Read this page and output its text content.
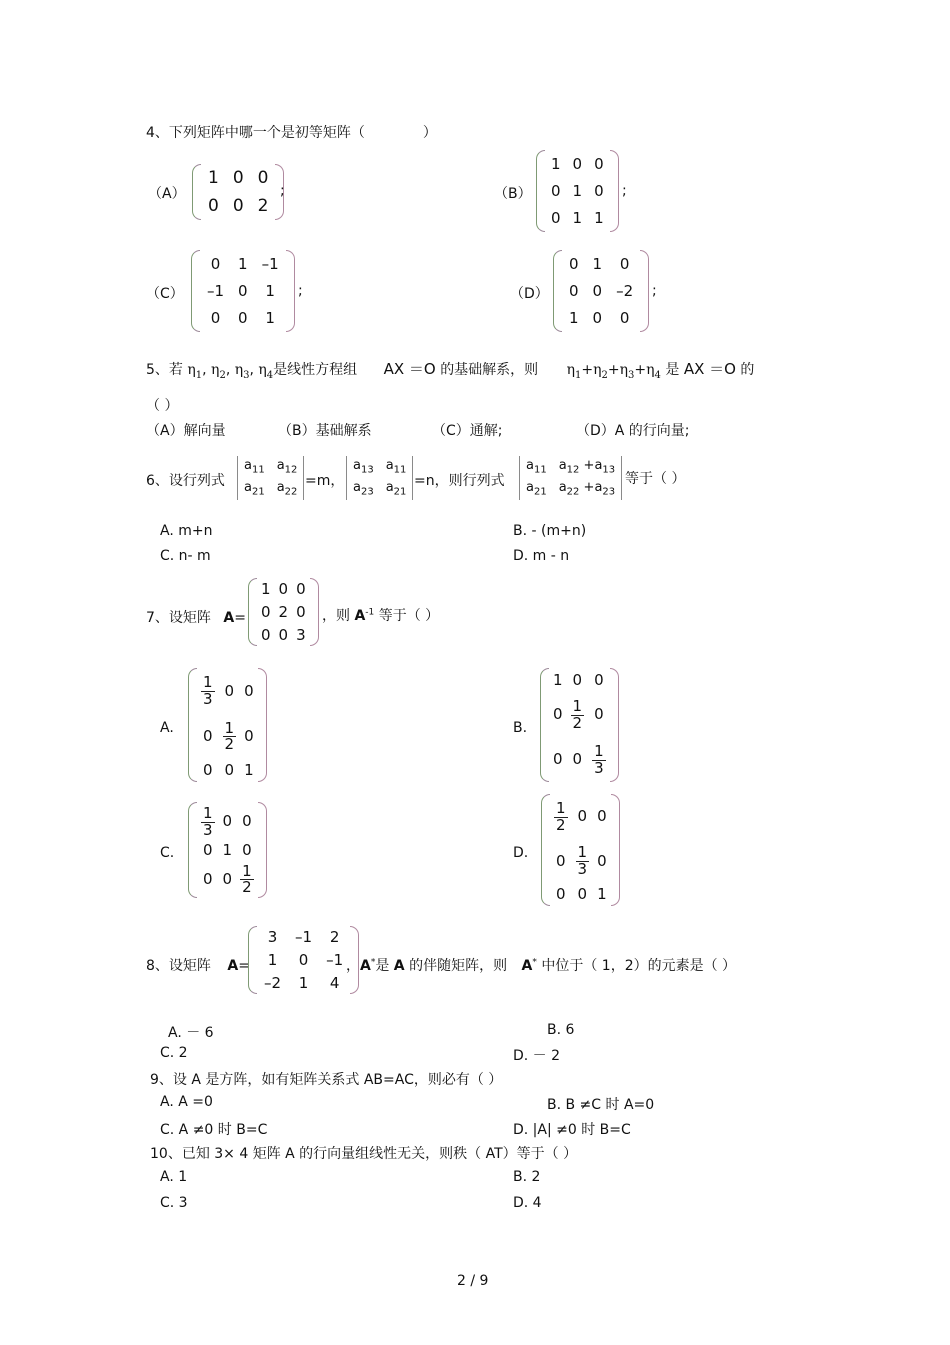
4、下列矩阵中哪一个是初等矩阵（	）
（A）
1	0	0
0	0	2
;	（B）
1	0	0
0	1	0
0	1	1
;
（C）
0	1	–1
–1	0	1
0	0	1
;	（D）
0	1	0
0	0	–2
1	0	0
;
5、若 $\eta_1$, $\eta_2$, $\eta_3$, $\eta_4$是线性方程组 AX ＝O 的基础解系，则 $\eta_1+\eta_2+\eta_3+\eta_4$ 是 AX ＝O 的
（ ）
（A）解向量	（B）基础解系	（C）通解;	（D）A 的行向量;
6、设行列式
$a_{11}$	$a_{12}$
$a_{21}$	$a_{22}$
=m，
$a_{13}$	$a_{11}$
$a_{23}$	$a_{21}$
=n，则行列式
$a_{11}$	$a_{12} +a_{13}$
$a_{21}$	$a_{22} +a_{23}$
等于（ ）
A. m+n	B. - (m+n)
C. n- m	D. m - n
7、设矩阵 A=
1	0	0
0	2	0
0	0	3
，则 $A^{-1}$ 等于（ ）
A.
$\frac{1}{3}$	0	0
0	$\frac{1}{2}$	0
0	0	1
B.
1	0	0
0	$\frac{1}{2}$	0
0	0	$\frac{1}{3}$
C.
$\frac{1}{3}$	0	0
0	1	0
0	0	$\frac{1}{2}$
D.
$\frac{1}{2}$	0	0
0	$\frac{1}{3}$	0
0	0	1
8、设矩阵 A=
3	–1	2
1	0	–1
–2	1	4
，A*是 A 的伴随矩阵，则 A* 中位于（ 1，2）的元素是（ ）
A. － 6	B. 6
C. 2	D. － 2
9、设 A 是方阵，如有矩阵关系式 AB=AC，则必有（ ）
A. A =0	B. B ≠C 时 A=0
C. A ≠0 时 B=C	D. |A| ≠0 时 B=C
10、已知 3× 4 矩阵 A 的行向量组线性无关，则秩（ AT）等于（ ）
A. 1	B. 2
C. 3	D. 4
2 / 9
